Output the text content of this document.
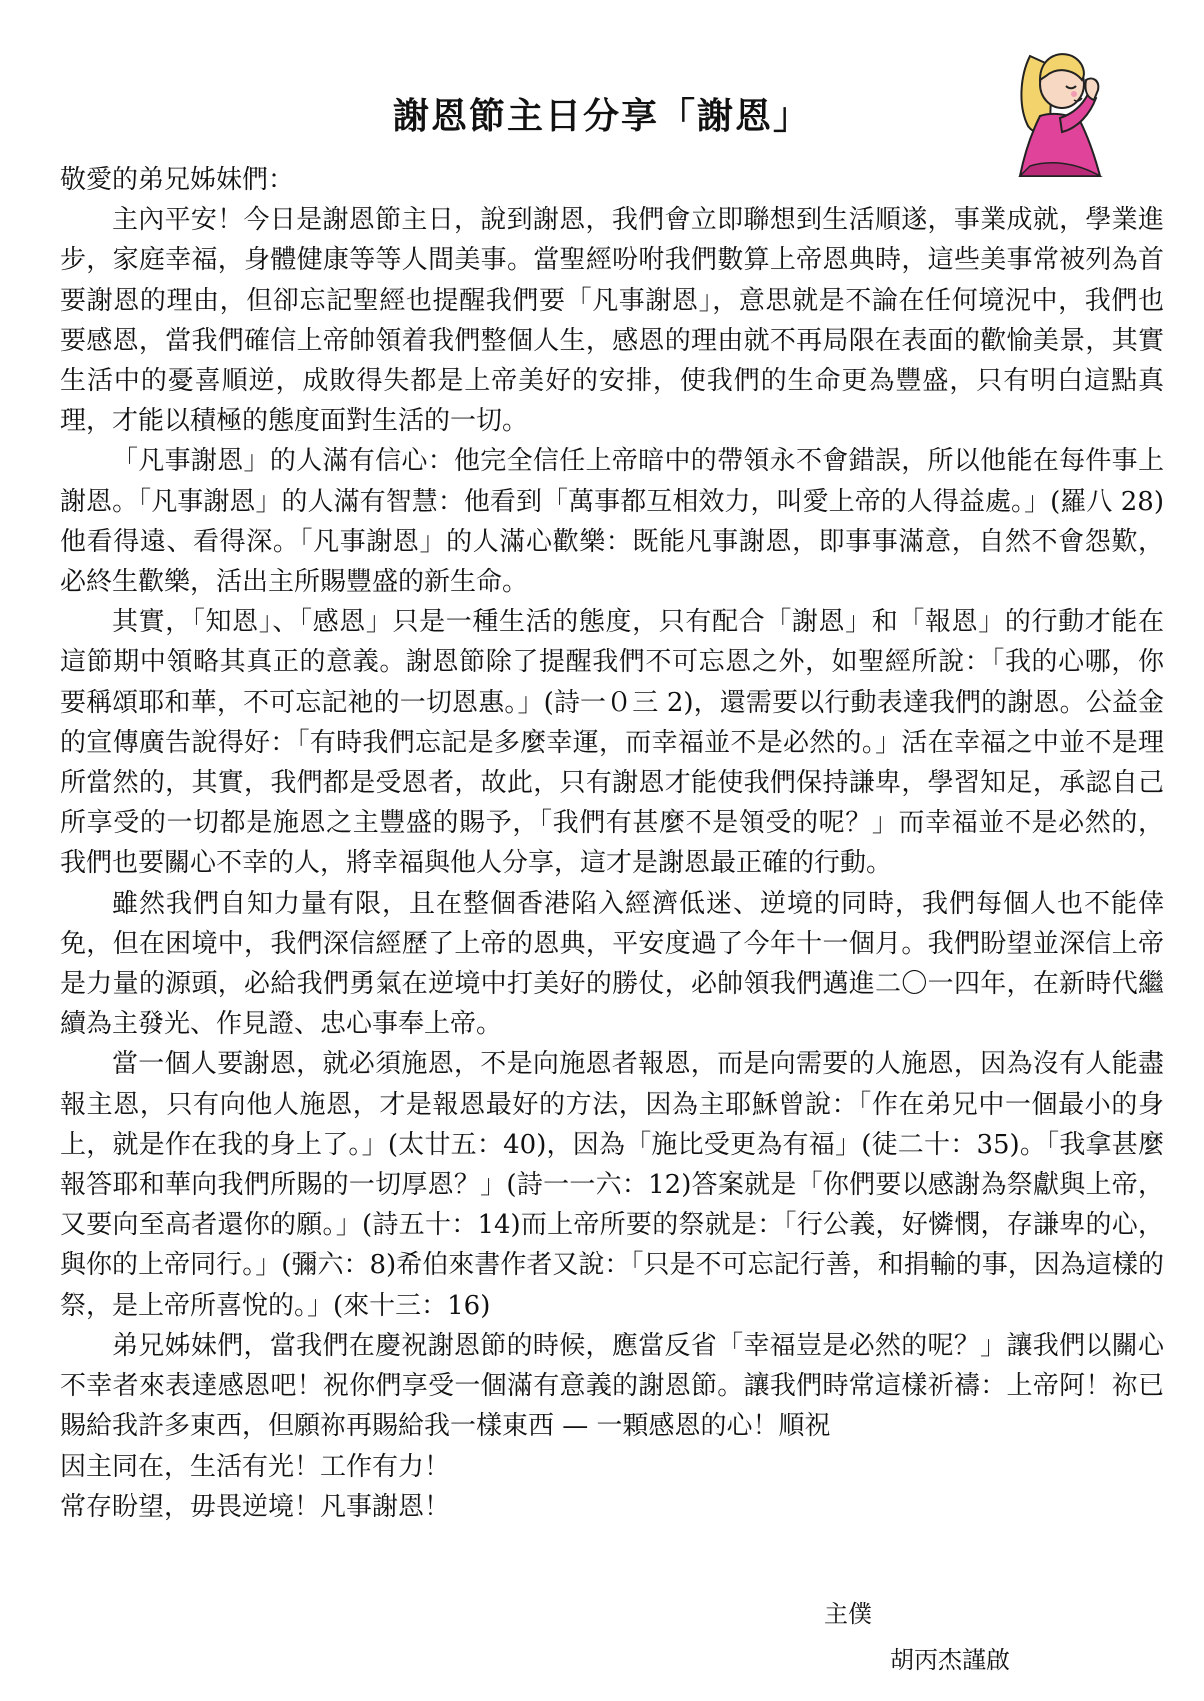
謝恩節主日分享「謝恩」

敬愛的弟兄姊妹們：

主內平安！今日是謝恩節主日，說到謝恩，我們會立即聯想到生活順遂，事業成就，學業進步，家庭幸福，身體健康等等人間美事。當聖經吩咐我們數算上帝恩典時，這些美事常被列為首要謝恩的理由，但卻忘記聖經也提醒我們要「凡事謝恩」，意思就是不論在任何境況中，我們也要感恩，當我們確信上帝帥領着我們整個人生，感恩的理由就不再局限在表面的歡愉美景，其實生活中的憂喜順逆，成敗得失都是上帝美好的安排，使我們的生命更為豐盛，只有明白這點真理，才能以積極的態度面對生活的一切。

「凡事謝恩」的人滿有信心：他完全信任上帝暗中的帶領永不會錯誤，所以他能在每件事上謝恩。「凡事謝恩」的人滿有智慧：他看到「萬事都互相效力，叫愛上帝的人得益處。」(羅八 28)他看得遠、看得深。「凡事謝恩」的人滿心歡樂：既能凡事謝恩，即事事滿意，自然不會怨歎，必終生歡樂，活出主所賜豐盛的新生命。

其實，「知恩」、「感恩」只是一種生活的態度，只有配合「謝恩」和「報恩」的行動才能在這節期中領略其真正的意義。謝恩節除了提醒我們不可忘恩之外，如聖經所說：「我的心哪，你要稱頌耶和華，不可忘記祂的一切恩惠。」(詩一０三 2)，還需要以行動表達我們的謝恩。公益金的宣傳廣告說得好：「有時我們忘記是多麼幸運，而幸福並不是必然的。」活在幸福之中並不是理所當然的，其實，我們都是受恩者，故此，只有謝恩才能使我們保持謙卑，學習知足，承認自己所享受的一切都是施恩之主豐盛的賜予，「我們有甚麼不是領受的呢？」而幸福並不是必然的，我們也要關心不幸的人，將幸福與他人分享，這才是謝恩最正確的行動。

雖然我們自知力量有限，且在整個香港陷入經濟低迷、逆境的同時，我們每個人也不能倖免，但在困境中，我們深信經歷了上帝的恩典，平安度過了今年十一個月。我們盼望並深信上帝是力量的源頭，必給我們勇氣在逆境中打美好的勝仗，必帥領我們邁進二〇一四年，在新時代繼續為主發光、作見證、忠心事奉上帝。

當一個人要謝恩，就必須施恩，不是向施恩者報恩，而是向需要的人施恩，因為沒有人能盡報主恩，只有向他人施恩，才是報恩最好的方法，因為主耶穌曾說：「作在弟兄中一個最小的身上，就是作在我的身上了。」(太廿五：40)，因為「施比受更為有福」(徒二十：35)。「我拿甚麼報答耶和華向我們所賜的一切厚恩？」(詩一一六：12)答案就是「你們要以感謝為祭獻與上帝，又要向至高者還你的願。」(詩五十：14)而上帝所要的祭就是：「行公義，好憐憫，存謙卑的心，與你的上帝同行。」(彌六：8)希伯來書作者又說：「只是不可忘記行善，和捐輸的事，因為這樣的祭，是上帝所喜悅的。」(來十三：16)

弟兄姊妹們，當我們在慶祝謝恩節的時候，應當反省「幸福豈是必然的呢？」讓我們以關心不幸者來表達感恩吧！祝你們享受一個滿有意義的謝恩節。讓我們時常這樣祈禱：上帝阿！祢已賜給我許多東西，但願祢再賜給我一樣東西 — 一顆感恩的心！順祝

因主同在，生活有光！工作有力！

常存盼望，毋畏逆境！凡事謝恩！

主僕
胡丙杰謹啟
